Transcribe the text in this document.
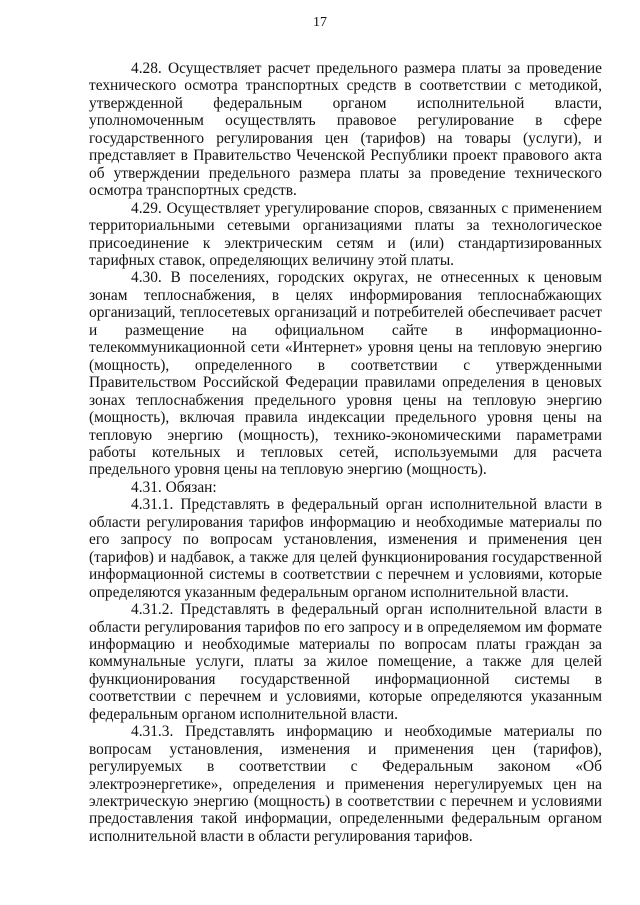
17

4.28. Осуществляет расчет предельного размера платы за проведение технического осмотра транспортных средств в соответствии с методикой, утвержденной федеральным органом исполнительной власти, уполномоченным осуществлять правовое регулирование в сфере государственного регулирования цен (тарифов) на товары (услуги), и представляет в Правительство Чеченской Республики проект правового акта об утверждении предельного размера платы за проведение технического осмотра транспортных средств.

4.29. Осуществляет урегулирование споров, связанных с применением территориальными сетевыми организациями платы за технологическое присоединение к электрическим сетям и (или) стандартизированных тарифных ставок, определяющих величину этой платы.

4.30. В поселениях, городских округах, не отнесенных к ценовым зонам теплоснабжения, в целях информирования теплоснабжающих организаций, теплосетевых организаций и потребителей обеспечивает расчет и размещение на официальном сайте в информационно-телекоммуникационной сети «Интернет» уровня цены на тепловую энергию (мощность), определенного в соответствии с утвержденными Правительством Российской Федерации правилами определения в ценовых зонах теплоснабжения предельного уровня цены на тепловую энергию (мощность), включая правила индексации предельного уровня цены на тепловую энергию (мощность), технико-экономическими параметрами работы котельных и тепловых сетей, используемыми для расчета предельного уровня цены на тепловую энергию (мощность).

4.31. Обязан:

4.31.1. Представлять в федеральный орган исполнительной власти в области регулирования тарифов информацию и необходимые материалы по его запросу по вопросам установления, изменения и применения цен (тарифов) и надбавок, а также для целей функционирования государственной информационной системы в соответствии с перечнем и условиями, которые определяются указанным федеральным органом исполнительной власти.

4.31.2. Представлять в федеральный орган исполнительной власти в области регулирования тарифов по его запросу и в определяемом им формате информацию и необходимые материалы по вопросам платы граждан за коммунальные услуги, платы за жилое помещение, а также для целей функционирования государственной информационной системы в соответствии с перечнем и условиями, которые определяются указанным федеральным органом исполнительной власти.

4.31.3. Представлять информацию и необходимые материалы по вопросам установления, изменения и применения цен (тарифов), регулируемых в соответствии с Федеральным законом «Об электроэнергетике», определения и применения нерегулируемых цен на электрическую энергию (мощность) в соответствии с перечнем и условиями предоставления такой информации, определенными федеральным органом исполнительной власти в области регулирования тарифов.
